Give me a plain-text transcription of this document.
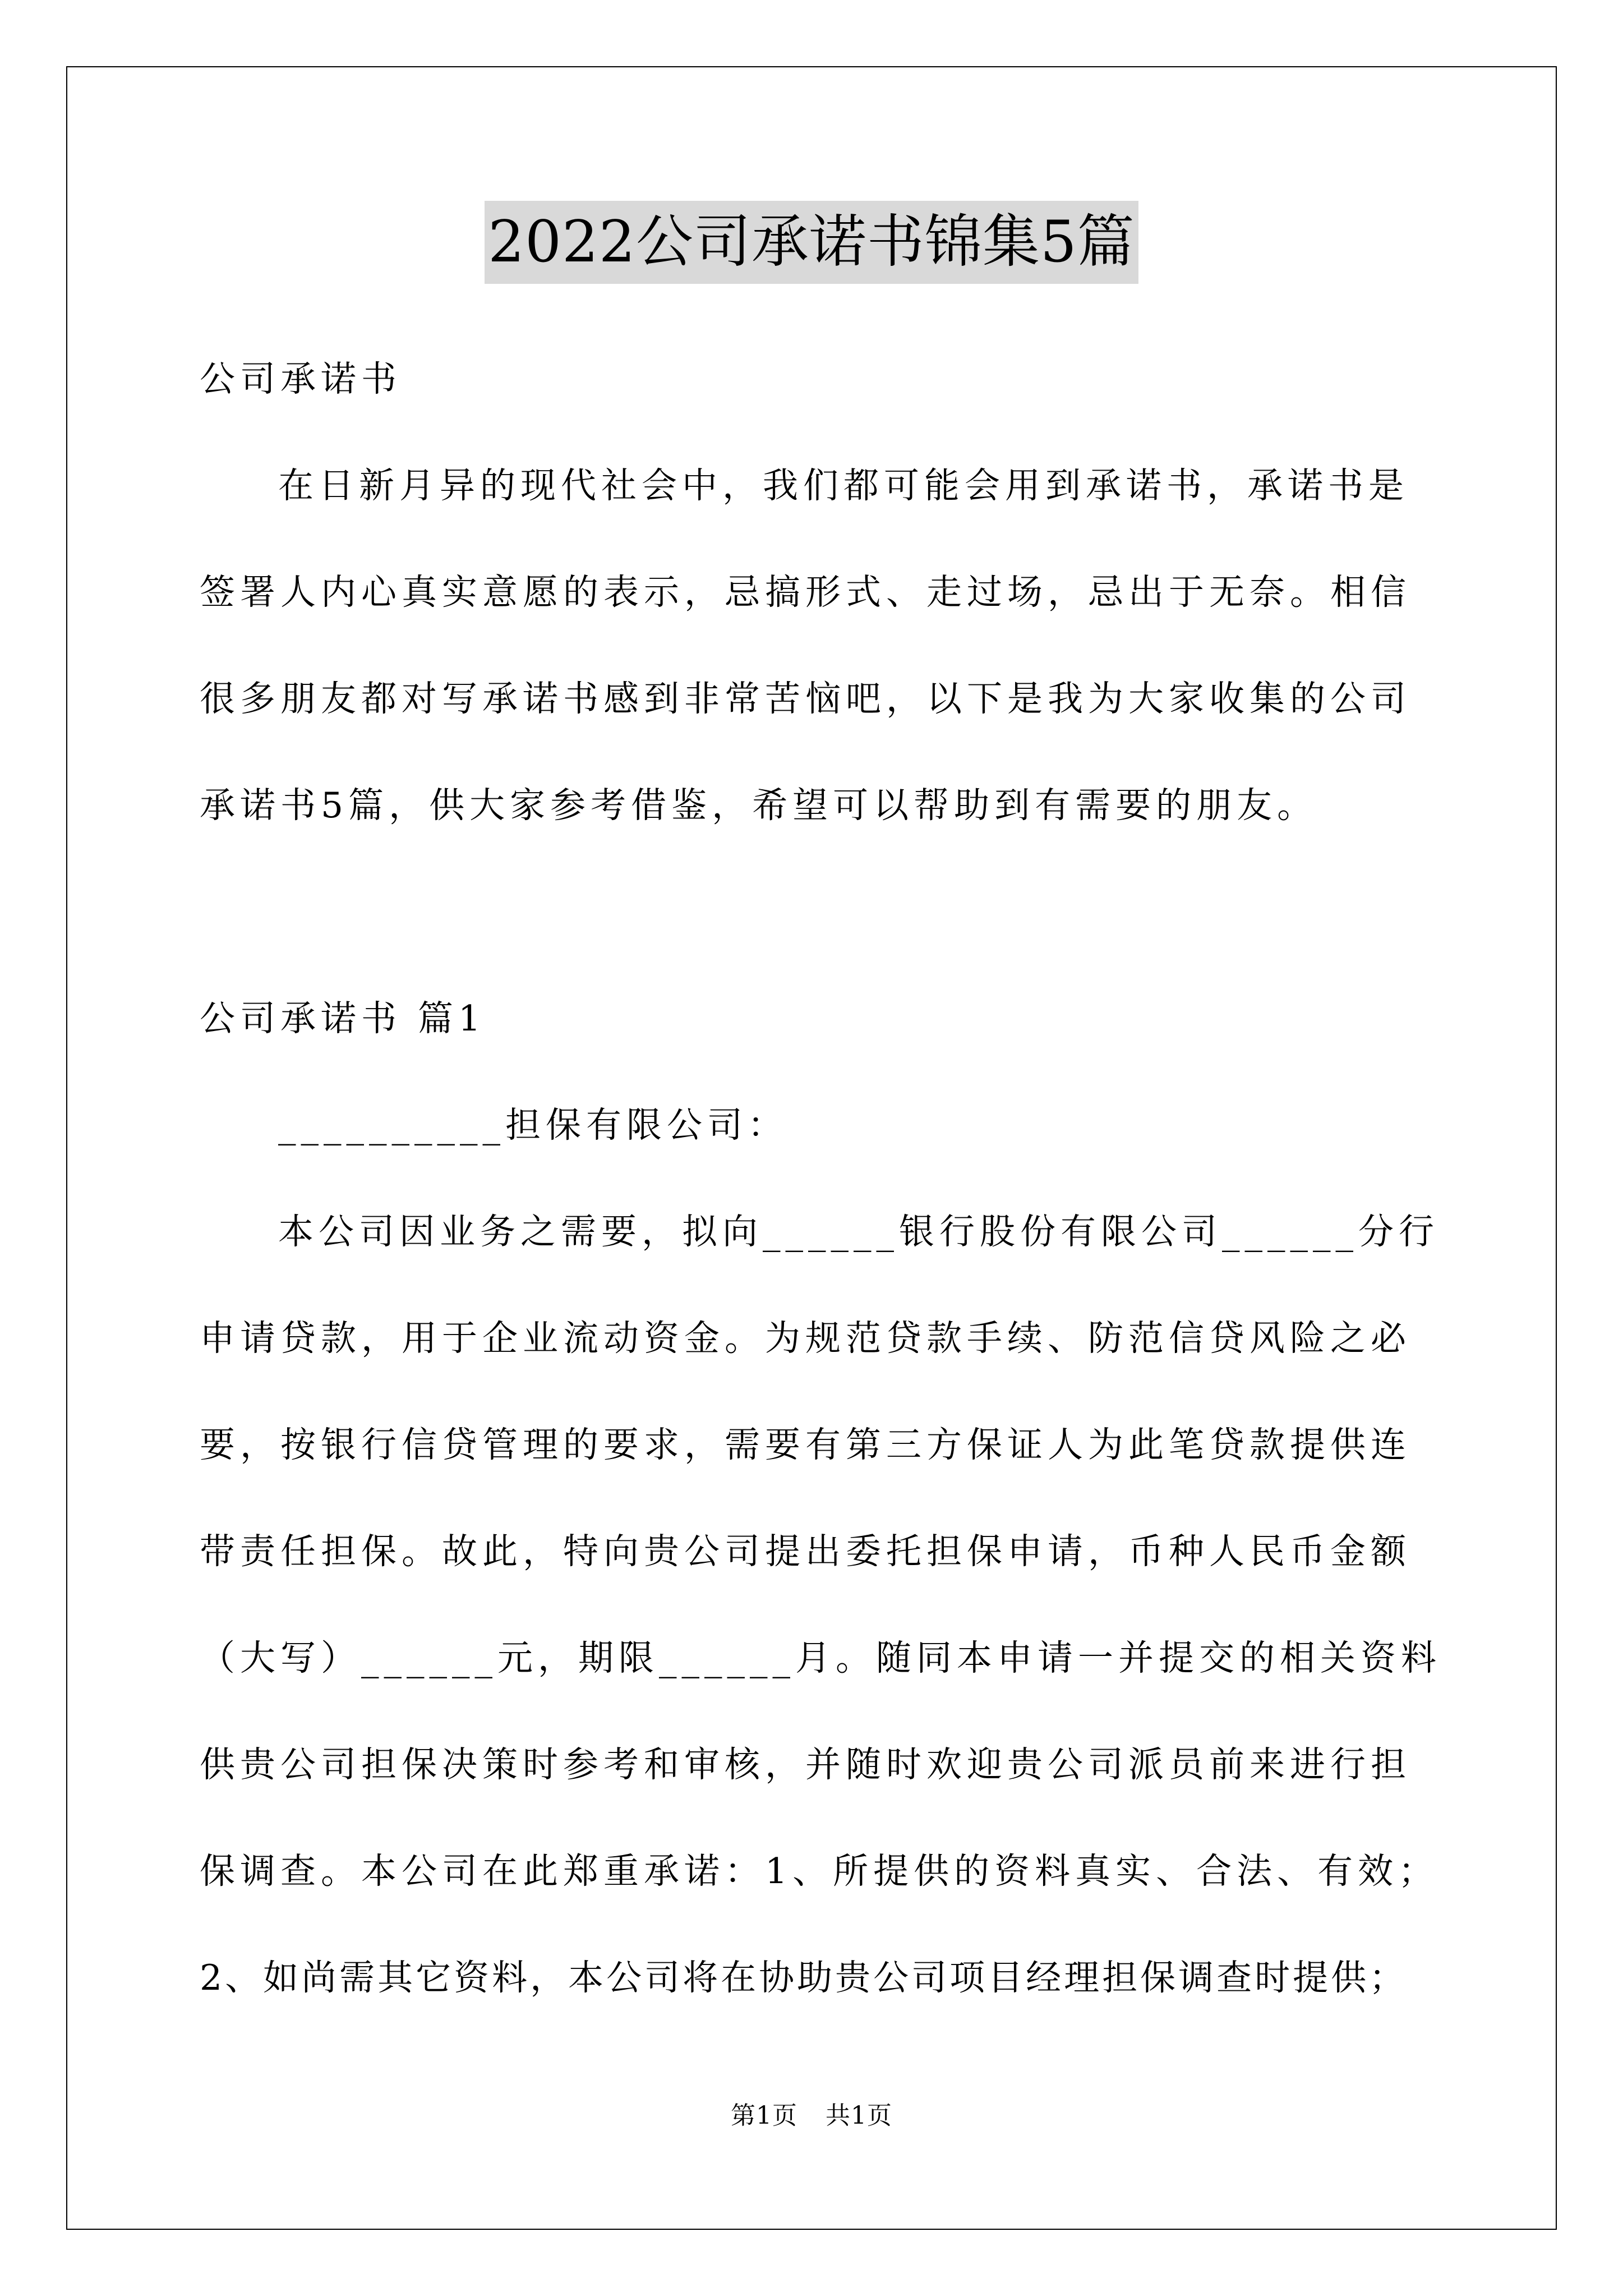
2022公司承诺书锦集5篇
公司承诺书
在日新月异的现代社会中，我们都可能会用到承诺书，承诺书是
签署人内心真实意愿的表示，忌搞形式、走过场，忌出于无奈。相信
很多朋友都对写承诺书感到非常苦恼吧，以下是我为大家收集的公司
承诺书5篇，供大家参考借鉴，希望可以帮助到有需要的朋友。
公司承诺书 篇1
__________担保有限公司：
本公司因业务之需要，拟向______银行股份有限公司______分行
申请贷款，用于企业流动资金。为规范贷款手续、防范信贷风险之必
要，按银行信贷管理的要求，需要有第三方保证人为此笔贷款提供连
带责任担保。故此，特向贵公司提出委托担保申请，币种人民币金额
（大写）______元，期限______月。随同本申请一并提交的相关资料
供贵公司担保决策时参考和审核，并随时欢迎贵公司派员前来进行担
保调查。本公司在此郑重承诺：1、所提供的资料真实、合法、有效；
2、如尚需其它资料，本公司将在协助贵公司项目经理担保调查时提供；
第1页 共1页
